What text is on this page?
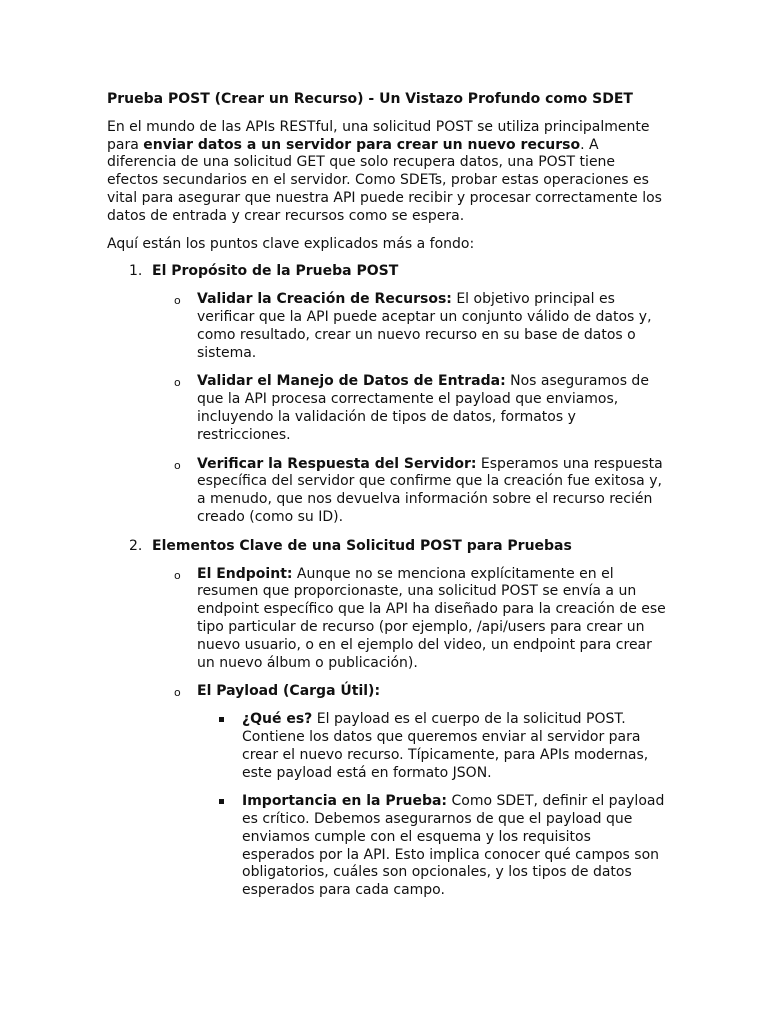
Prueba POST (Crear un Recurso) - Un Vistazo Profundo como SDET

En el mundo de las APIs RESTful, una solicitud POST se utiliza principalmente para enviar datos a un servidor para crear un nuevo recurso. A diferencia de una solicitud GET que solo recupera datos, una POST tiene efectos secundarios en el servidor. Como SDETs, probar estas operaciones es vital para asegurar que nuestra API puede recibir y procesar correctamente los datos de entrada y crear recursos como se espera.

Aquí están los puntos clave explicados más a fondo:

1. El Propósito de la Prueba POST
o Validar la Creación de Recursos: El objetivo principal es verificar que la API puede aceptar un conjunto válido de datos y, como resultado, crear un nuevo recurso en su base de datos o sistema.
o Validar el Manejo de Datos de Entrada: Nos aseguramos de que la API procesa correctamente el payload que enviamos, incluyendo la validación de tipos de datos, formatos y restricciones.
o Verificar la Respuesta del Servidor: Esperamos una respuesta específica del servidor que confirme que la creación fue exitosa y, a menudo, que nos devuelva información sobre el recurso recién creado (como su ID).
2. Elementos Clave de una Solicitud POST para Pruebas
o El Endpoint: Aunque no se menciona explícitamente en el resumen que proporcionaste, una solicitud POST se envía a un endpoint específico que la API ha diseñado para la creación de ese tipo particular de recurso (por ejemplo, /api/users para crear un nuevo usuario, o en el ejemplo del video, un endpoint para crear un nuevo álbum o publicación).
o El Payload (Carga Útil):
¿Qué es? El payload es el cuerpo de la solicitud POST. Contiene los datos que queremos enviar al servidor para crear el nuevo recurso. Típicamente, para APIs modernas, este payload está en formato JSON.
Importancia en la Prueba: Como SDET, definir el payload es crítico. Debemos asegurarnos de que el payload que enviamos cumple con el esquema y los requisitos esperados por la API. Esto implica conocer qué campos son obligatorios, cuáles son opcionales, y los tipos de datos esperados para cada campo.
